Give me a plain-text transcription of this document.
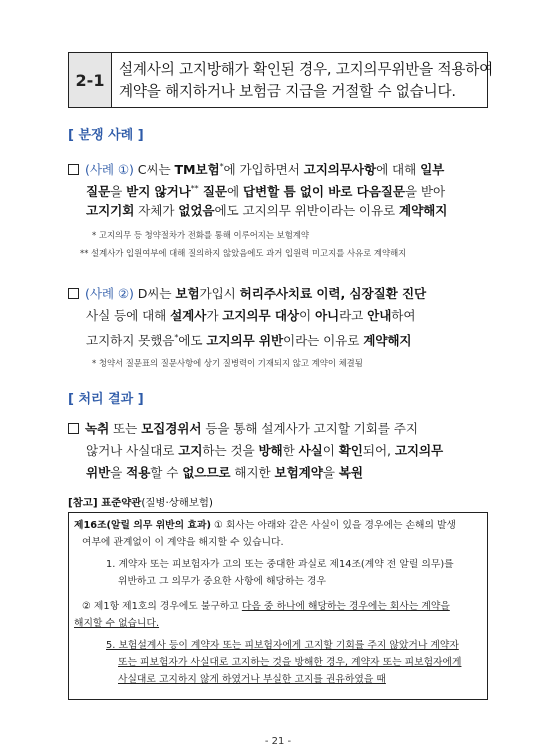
2-1
설계사의 고지방해가 확인된 경우, 고지의무위반을 적용하여
계약을 해지하거나 보험금 지급을 거절할 수 없습니다.
[ 분쟁 사례 ]
(사례 ①) C씨는 TM보험*에 가입하면서 고지의무사항에 대해 일부
질문을 받지 않거나** 질문에 답변할 틈 없이 바로 다음질문을 받아
고지기회 자체가 없었음에도 고지의무 위반이라는 이유로 계약해지
* 고지의무 등 청약절차가 전화를 통해 이루어지는 보험계약
** 설계사가 입원여부에 대해 질의하지 않았음에도 과거 입원력 미고지를 사유로 계약해지
(사례 ②) D씨는 보험가입시 허리주사치료 이력, 심장질환 진단
사실 등에 대해 설계사가 고지의무 대상이 아니라고 안내하여
고지하지 못했음*에도 고지의무 위반이라는 이유로 계약해지
* 청약서 질문표의 질문사항에 상기 질병력이 기재되지 않고 계약이 체결됨
[ 처리 결과 ]
녹취 또는 모집경위서 등을 통해 설계사가 고지할 기회를 주지
않거나 사실대로 고지하는 것을 방해한 사실이 확인되어, 고지의무
위반을 적용할 수 없으므로 해지한 보험계약을 복원
[참고] 표준약관(질병·상해보험)
제16조(알릴 의무 위반의 효과) ① 회사는 아래와 같은 사실이 있을 경우에는 손해의 발생
여부에 관계없이 이 계약을 해지할 수 있습니다.
1. 계약자 또는 피보험자가 고의 또는 중대한 과실로 제14조(계약 전 알릴 의무)를
위반하고 그 의무가 중요한 사항에 해당하는 경우
② 제1항 제1호의 경우에도 불구하고 다음 중 하나에 해당하는 경우에는 회사는 계약을
해지할 수 없습니다.
5. 보험설계사 등이 계약자 또는 피보험자에게 고지할 기회를 주지 않았거나 계약자
또는 피보험자가 사실대로 고지하는 것을 방해한 경우, 계약자 또는 피보험자에게
사실대로 고지하지 않게 하였거나 부실한 고지를 권유하였을 때
- 21 -
